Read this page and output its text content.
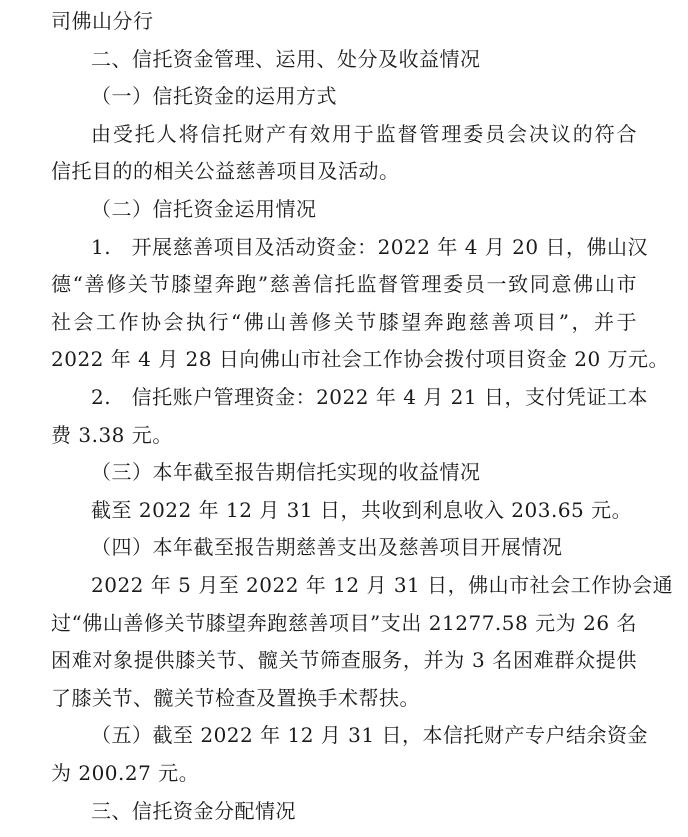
司佛山分行
二、信托资金管理、运用、处分及收益情况
（一）信托资金的运用方式
由受托人将信托财产有效用于监督管理委员会决议的符合
信托目的的相关公益慈善项目及活动。
（二）信托资金运用情况
1.　开展慈善项目及活动资金：2022 年 4 月 20 日，佛山汉
德“善修关节膝望奔跑”慈善信托监督管理委员一致同意佛山市
社会工作协会执行“佛山善修关节膝望奔跑慈善项目”，并于
2022 年 4 月 28 日向佛山市社会工作协会拨付项目资金 20 万元。
2.　信托账户管理资金：2022 年 4 月 21 日，支付凭证工本
费 3.38 元。
（三）本年截至报告期信托实现的收益情况
截至 2022 年 12 月 31 日，共收到利息收入 203.65 元。
（四）本年截至报告期慈善支出及慈善项目开展情况
2022 年 5 月至 2022 年 12 月 31 日，佛山市社会工作协会通
过“佛山善修关节膝望奔跑慈善项目”支出 21277.58 元为 26 名
困难对象提供膝关节、髋关节筛查服务，并为 3 名困难群众提供
了膝关节、髋关节检查及置换手术帮扶。
（五）截至 2022 年 12 月 31 日，本信托财产专户结余资金
为 200.27 元。
三、信托资金分配情况
